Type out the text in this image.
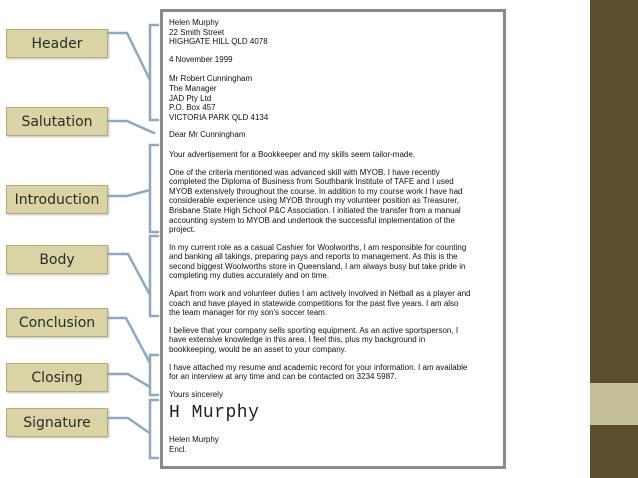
Header
Salutation
Introduction
Body
Conclusion
Closing
Signature

Helen Murphy
22 Smith Street
HIGHGATE HILL QLD 4078

4 November 1999

Mr Robert Cunningham
The Manager
JAD Pty Ltd
P.O. Box 457
VICTORIA PARK QLD 4134

Dear Mr Cunningham

Your advertisement for a Bookkeeper and my skills seem tailor-made.

One of the criteria mentioned was advanced skill with MYOB. I have recently
completed the Diploma of Business from Southbank Institute of TAFE and I used
MYOB extensively throughout the course. In addition to my course work I have had
considerable experience using MYOB through my volunteer position as Treasurer,
Brisbane State High School P&C Association. I initiated the transfer from a manual
accounting system to MYOB and undertook the successful implementation of the
project.

In my current role as a casual Cashier for Woolworths, I am responsible for counting
and banking all takings, preparing pays and reports to management. As this is the
second biggest Woolworths store in Queensland, I am always busy but take pride in
completing my duties accurately and on time.

Apart from work and volunteer duties I am actively involved in Netball as a player and
coach and have played in statewide competitions for the past five years. I am also
the team manager for my son's soccer team.

I believe that your company sells sporting equipment. As an active sportsperson, I
have extensive knowledge in this area. I feel this, plus my background in
bookkeeping, would be an asset to your company.

I have attached my resume and academic record for your information. I am available
for an interview at any time and can be contacted on 3234 5987.

Yours sincerely

H Murphy
Helen Murphy
Encl.
